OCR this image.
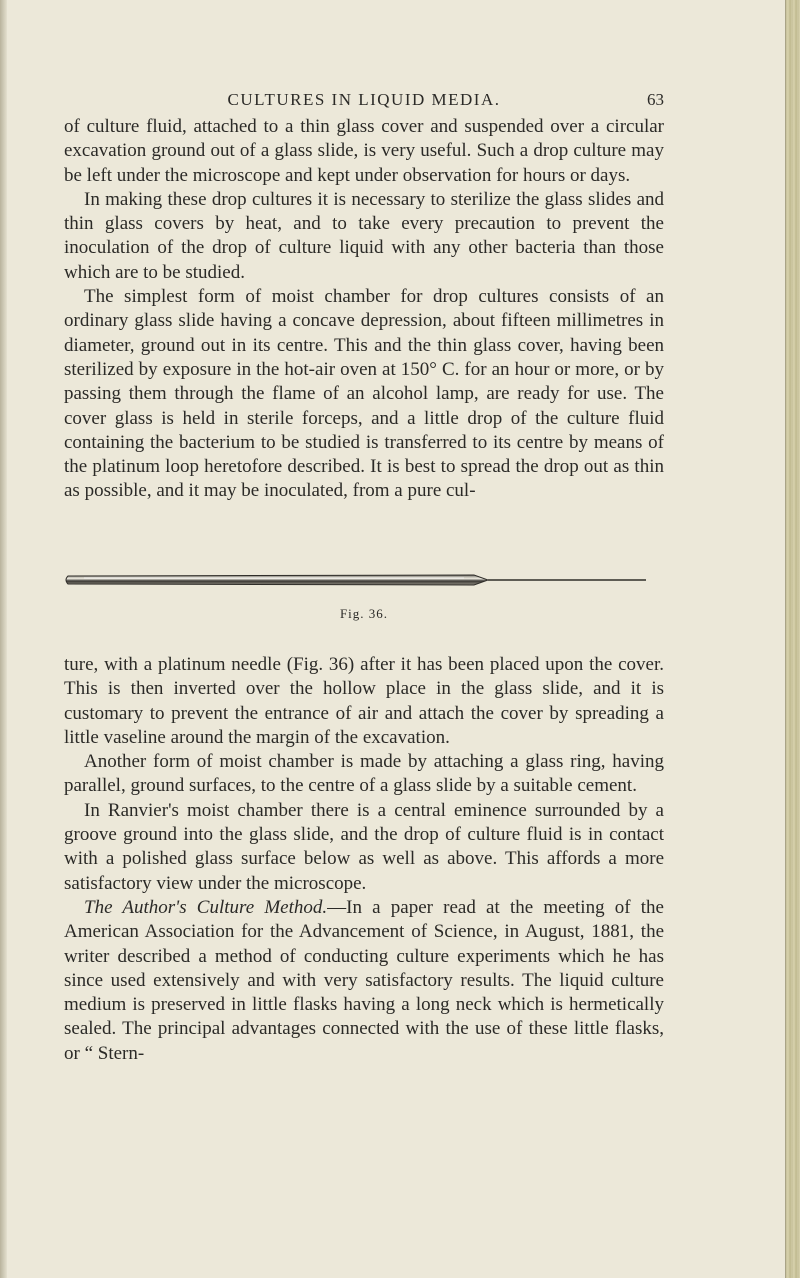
CULTURES IN LIQUID MEDIA.	63

of culture fluid, attached to a thin glass cover and suspended over a circular excavation ground out of a glass slide, is very useful. Such a drop culture may be left under the microscope and kept under observation for hours or days.

In making these drop cultures it is necessary to sterilize the glass slides and thin glass covers by heat, and to take every precaution to prevent the inoculation of the drop of culture liquid with any other bacteria than those which are to be studied.

The simplest form of moist chamber for drop cultures consists of an ordinary glass slide having a concave depression, about fifteen millimetres in diameter, ground out in its centre. This and the thin glass cover, having been sterilized by exposure in the hot-air oven at 150° C. for an hour or more, or by passing them through the flame of an alcohol lamp, are ready for use. The cover glass is held in sterile forceps, and a little drop of the culture fluid containing the bacterium to be studied is transferred to its centre by means of the platinum loop heretofore described. It is best to spread the drop out as thin as possible, and it may be inoculated, from a pure cul-

Fig. 36.

ture, with a platinum needle (Fig. 36) after it has been placed upon the cover. This is then inverted over the hollow place in the glass slide, and it is customary to prevent the entrance of air and attach the cover by spreading a little vaseline around the margin of the excavation.

Another form of moist chamber is made by attaching a glass ring, having parallel, ground surfaces, to the centre of a glass slide by a suitable cement.

In Ranvier's moist chamber there is a central eminence surrounded by a groove ground into the glass slide, and the drop of culture fluid is in contact with a polished glass surface below as well as above. This affords a more satisfactory view under the microscope.

The Author's Culture Method.—In a paper read at the meeting of the American Association for the Advancement of Science, in August, 1881, the writer described a method of conducting culture experiments which he has since used extensively and with very satisfactory results. The liquid culture medium is preserved in little flasks having a long neck which is hermetically sealed. The principal advantages connected with the use of these little flasks, or “ Stern-
